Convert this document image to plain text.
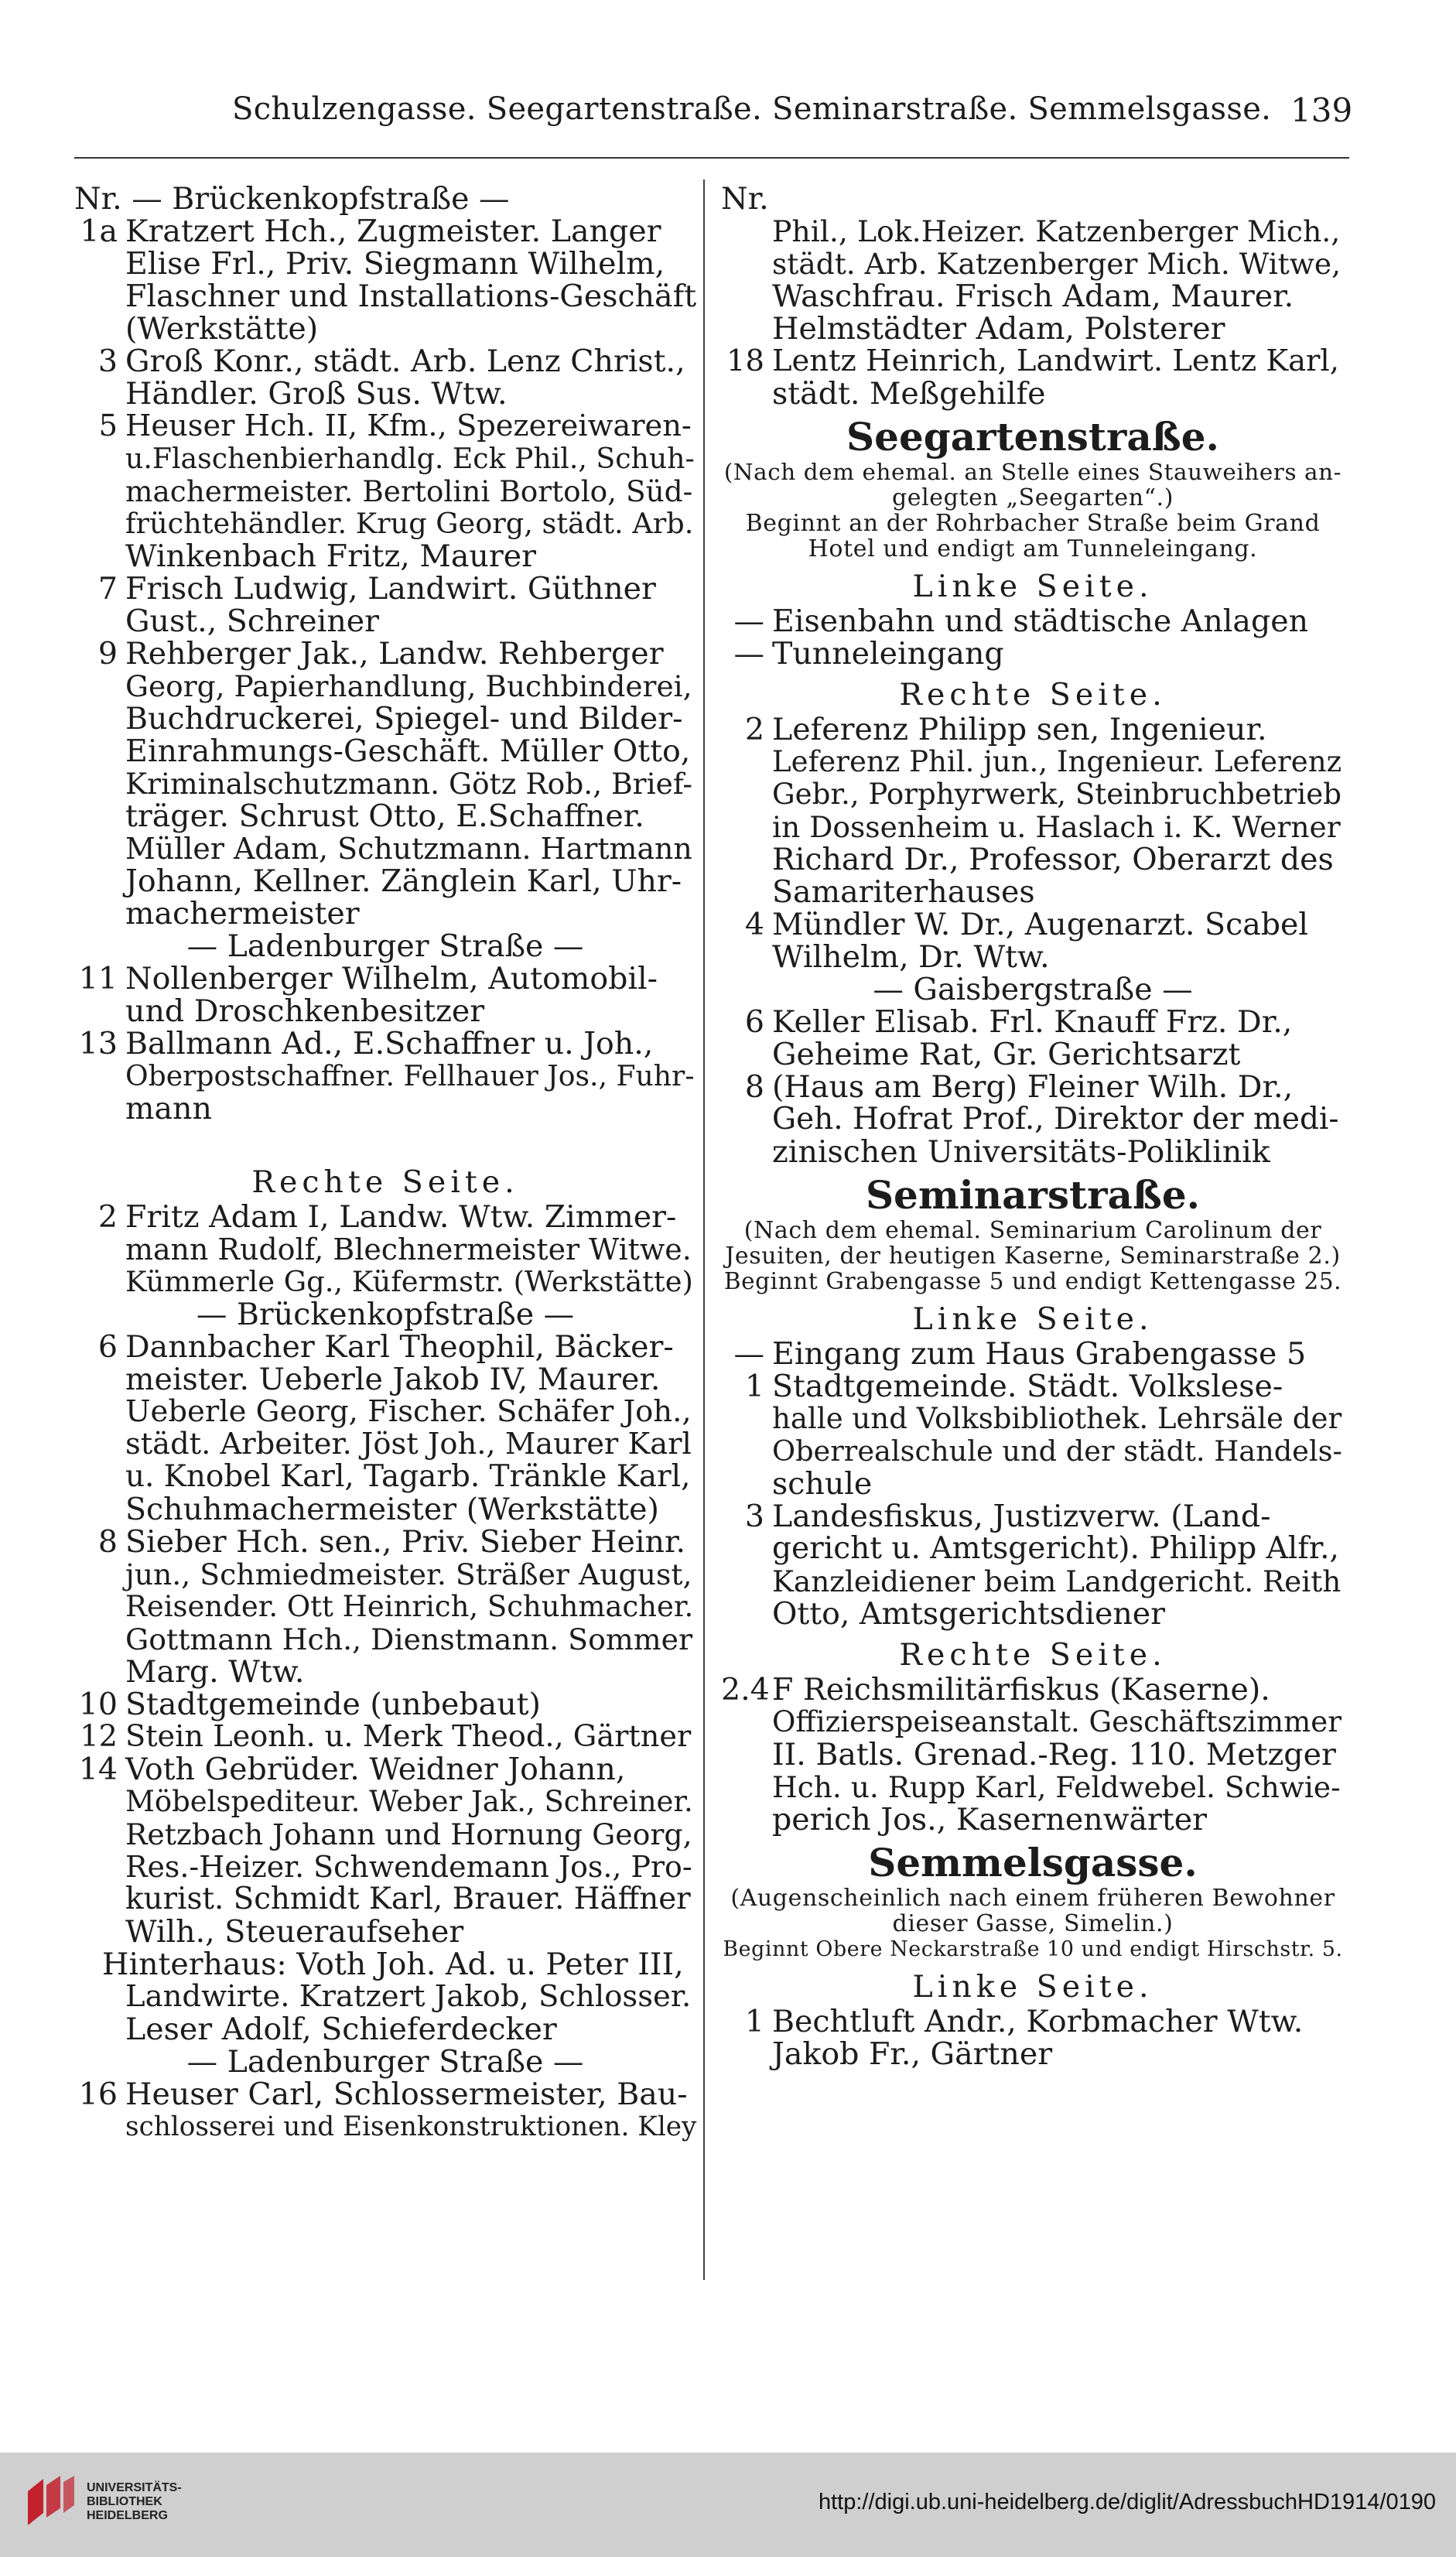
Schulzengasse. Seegartenstraße. Seminarstraße. Semmelsgasse. 139
Nr. — Brückenkopfstraße —
1a Kratzert Hch., Zugmeister. Langer
Elise Frl., Priv. Siegmann Wilhelm,
Flaschner und Installations-Geschäft
(Werkstätte)
3 Groß Konr., städt. Arb. Lenz Christ.,
Händler. Groß Sus. Wtw.
5 Heuser Hch. II, Kfm., Spezereiwaren-
u.Flaschenbierhandlg. Eck Phil., Schuh-
machermeister. Bertolini Bortolo, Süd-
früchtehändler. Krug Georg, städt. Arb.
Winkenbach Fritz, Maurer
7 Frisch Ludwig, Landwirt. Güthner
Gust., Schreiner
9 Rehberger Jak., Landw. Rehberger
Georg, Papierhandlung, Buchbinderei,
Buchdruckerei, Spiegel- und Bilder-
Einrahmungs-Geschäft. Müller Otto,
Kriminalschutzmann. Götz Rob., Brief-
träger. Schrust Otto, E.Schaffner.
Müller Adam, Schutzmann. Hartmann
Johann, Kellner. Zänglein Karl, Uhr-
machermeister
— Ladenburger Straße —
11 Nollenberger Wilhelm, Automobil-
und Droschkenbesitzer
13 Ballmann Ad., E.Schaffner u. Joh.,
Oberpostschaffner. Fellhauer Jos., Fuhr-
mann
Rechte Seite.
2 Fritz Adam I, Landw. Wtw. Zimmer-
mann Rudolf, Blechnermeister Witwe.
Kümmerle Gg., Küfermstr. (Werkstätte)
— Brückenkopfstraße —
6 Dannbacher Karl Theophil, Bäcker-
meister. Ueberle Jakob IV, Maurer.
Ueberle Georg, Fischer. Schäfer Joh.,
städt. Arbeiter. Jöst Joh., Maurer Karl
u. Knobel Karl, Tagarb. Tränkle Karl,
Schuhmachermeister (Werkstätte)
8 Sieber Hch. sen., Priv. Sieber Heinr.
jun., Schmiedmeister. Sträßer August,
Reisender. Ott Heinrich, Schuhmacher.
Gottmann Hch., Dienstmann. Sommer
Marg. Wtw.
10 Stadtgemeinde (unbebaut)
12 Stein Leonh. u. Merk Theod., Gärtner
14 Voth Gebrüder. Weidner Johann,
Möbelspediteur. Weber Jak., Schreiner.
Retzbach Johann und Hornung Georg,
Res.-Heizer. Schwendemann Jos., Pro-
kurist. Schmidt Karl, Brauer. Häffner
Wilh., Steueraufseher
Hinterhaus: Voth Joh. Ad. u. Peter III,
Landwirte. Kratzert Jakob, Schlosser.
Leser Adolf, Schieferdecker
— Ladenburger Straße —
16 Heuser Carl, Schlossermeister, Bau-
schlosserei und Eisenkonstruktionen. Kley
Nr.
Phil., Lok.Heizer. Katzenberger Mich.,
städt. Arb. Katzenberger Mich. Witwe,
Waschfrau. Frisch Adam, Maurer.
Helmstädter Adam, Polsterer
18 Lentz Heinrich, Landwirt. Lentz Karl,
städt. Meßgehilfe
Seegartenstraße.
(Nach dem ehemal. an Stelle eines Stauweihers an-
gelegten „Seegarten“.)
Beginnt an der Rohrbacher Straße beim Grand
Hotel und endigt am Tunneleingang.
Linke Seite.
— Eisenbahn und städtische Anlagen
— Tunneleingang
Rechte Seite.
2 Leferenz Philipp sen, Ingenieur.
Leferenz Phil. jun., Ingenieur. Leferenz
Gebr., Porphyrwerk, Steinbruchbetrieb
in Dossenheim u. Haslach i. K. Werner
Richard Dr., Professor, Oberarzt des
Samariterhauses
4 Mündler W. Dr., Augenarzt. Scabel
Wilhelm, Dr. Wtw.
— Gaisbergstraße —
6 Keller Elisab. Frl. Knauff Frz. Dr.,
Geheime Rat, Gr. Gerichtsarzt
8 (Haus am Berg) Fleiner Wilh. Dr.,
Geh. Hofrat Prof., Direktor der medi-
zinischen Universitäts-Poliklinik
Seminarstraße.
(Nach dem ehemal. Seminarium Carolinum der
Jesuiten, der heutigen Kaserne, Seminarstraße 2.)
Beginnt Grabengasse 5 und endigt Kettengasse 25.
Linke Seite.
— Eingang zum Haus Grabengasse 5
1 Stadtgemeinde. Städt. Volkslese-
halle und Volksbibliothek. Lehrsäle der
Oberrealschule und der städt. Handels-
schule
3 Landesfiskus, Justizverw. (Land-
gericht u. Amtsgericht). Philipp Alfr.,
Kanzleidiener beim Landgericht. Reith
Otto, Amtsgerichtsdiener
Rechte Seite.
2.4F Reichsmilitärfiskus (Kaserne).
Offizierspeiseanstalt. Geschäftszimmer
II. Batls. Grenad.-Reg. 110. Metzger
Hch. u. Rupp Karl, Feldwebel. Schwie-
perich Jos., Kasernenwärter
Semmelsgasse.
(Augenscheinlich nach einem früheren Bewohner
dieser Gasse, Simelin.)
Beginnt Obere Neckarstraße 10 und endigt Hirschstr. 5.
Linke Seite.
1 Bechtluft Andr., Korbmacher Wtw.
Jakob Fr., Gärtner
UNIVERSITÄTS-
BIBLIOTHEK
HEIDELBERG
http://digi.ub.uni-heidelberg.de/diglit/AdressbuchHD1914/0190
